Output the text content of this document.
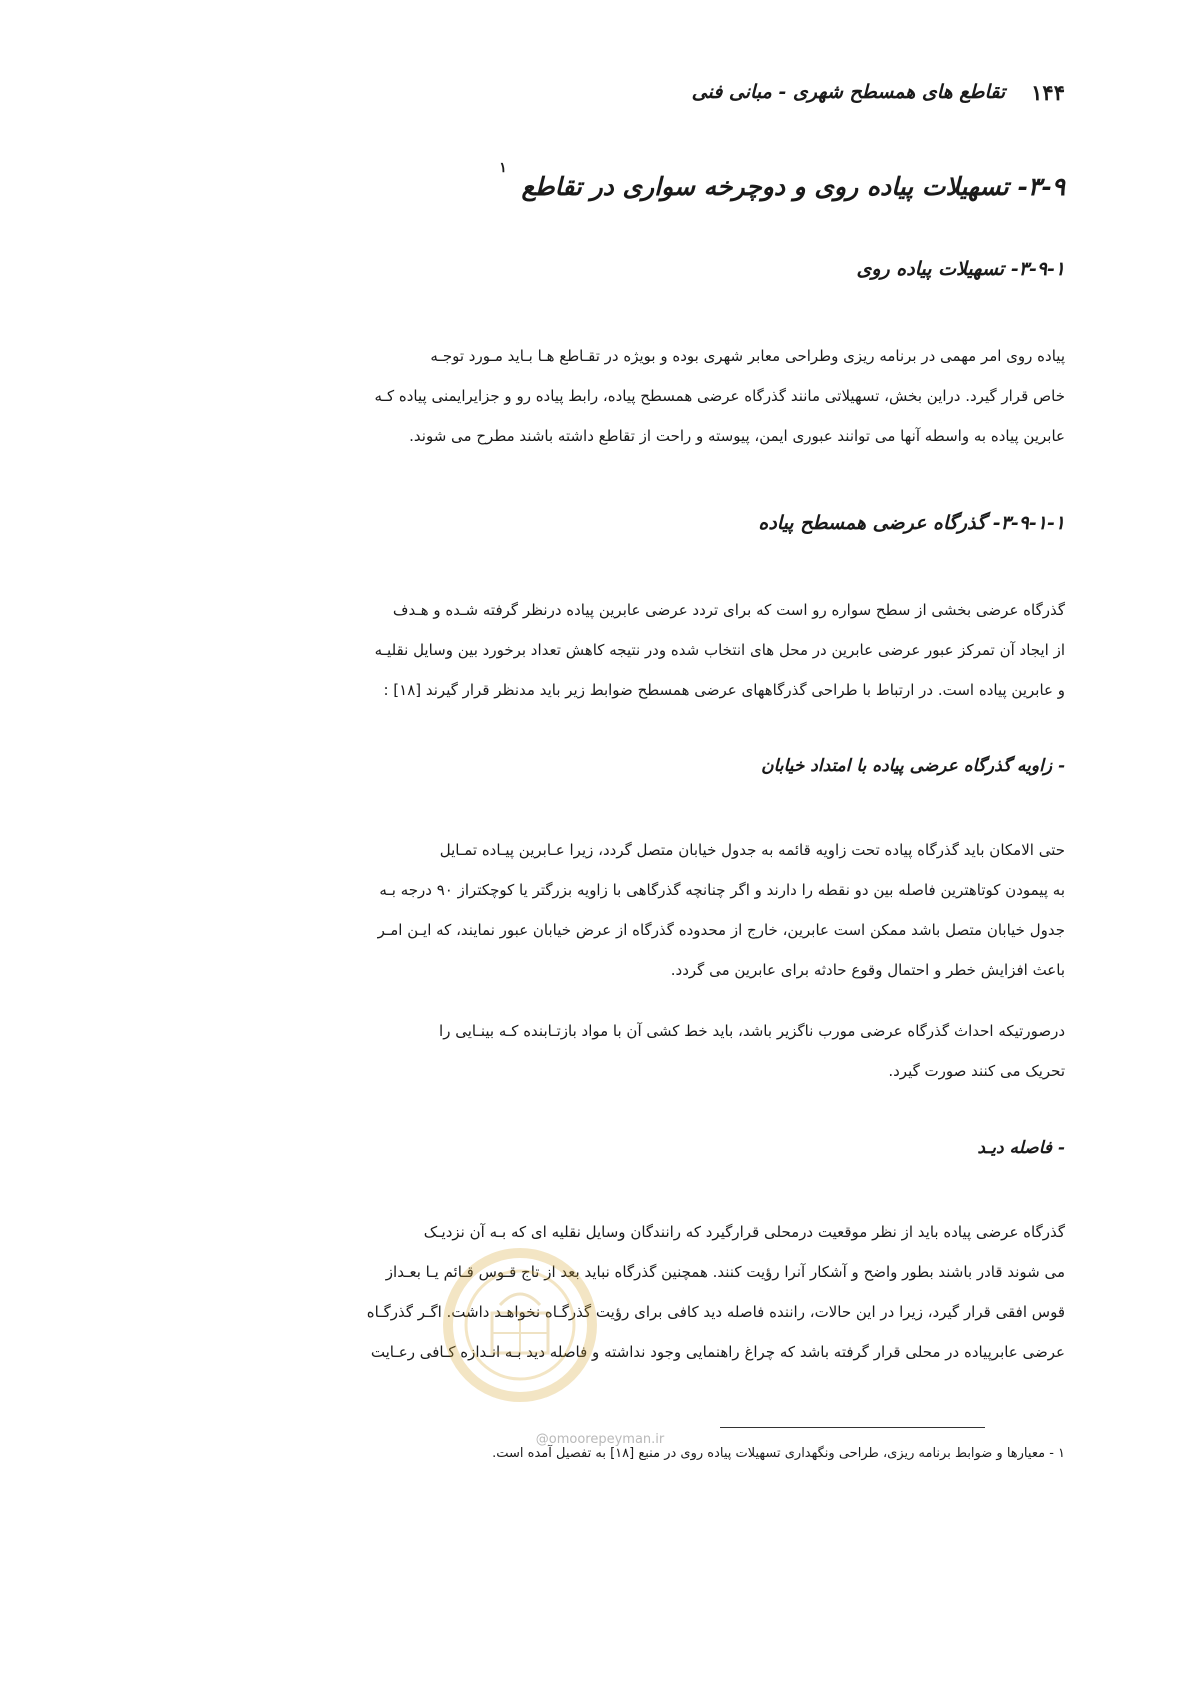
۱۴۴
تقاطع های همسطح شهری - مبانی فنی
۳-۹- تسهیلات پیاده روی و دوچرخه سواری در تقاطع $^۱$
۳-۹-۱- تسهیلات پیاده روی
پیاده روی امر مهمی در برنامه ریزی وطراحی معابر شهری بوده و بویژه در تقـاطع هـا بـاید مـورد توجـه
خاص قرار گیرد. دراین بخش، تسهیلاتی مانند گذرگاه عرضی همسطح پیاده، رابط پیاده رو و جزایرایمنی پیاده کـه
عابرین پیاده به واسطه آنها می توانند عبوری ایمن، پیوسته و راحت از تقاطع داشته باشند مطرح می شوند.
۳-۹-۱-۱- گذرگاه عرضی همسطح پیاده
گذرگاه عرضی بخشی از سطح سواره رو است که برای تردد عرضی عابرین پیاده درنظر گرفته شـده و هـدف
از ایجاد آن تمرکز عبور عرضی عابرین در محل های انتخاب شده ودر نتیجه کاهش تعداد برخورد بین وسایل نقلیـه
و عابرین پیاده است. در ارتباط با طراحی گذرگاههای عرضی همسطح ضوابط زیر باید مدنظر قرار گیرند [۱۸] :
- زاویه گذرگاه عرضی پیاده با امتداد خیابان
حتی الامکان باید گذرگاه پیاده تحت زاویه قائمه به جدول خیابان متصل گردد، زیرا عـابرین پیـاده تمـایل
به پیمودن کوتاهترین فاصله بین دو نقطه را دارند و اگر چنانچه گذرگاهی با زاویه بزرگتر یا کوچکتراز ۹۰ درجه بـه
جدول خیابان متصل باشد ممکن است عابرین، خارج از محدوده گذرگاه از عرض خیابان عبور نمایند، که ایـن امـر
باعث افزایش خطر و احتمال وقوع حادثه برای عابرین می گردد.
درصورتیکه احداث گذرگاه عرضی مورب ناگزیر باشد، باید خط کشی آن با مواد بازتـابنده کـه بینـایی را
تحریک می کنند صورت گیرد.
- فاصله دیـد
گذرگاه عرضی پیاده باید از نظر موقعیت درمحلی قرارگیرد که رانندگان وسایل نقلیه ای که بـه آن نزدیـک
می شوند قادر باشند بطور واضح و آشکار آنرا رؤیت کنند. همچنین گذرگاه نباید بعد از تاج قـوس قـائم یـا بعـداز
قوس افقی قرار گیرد، زیرا در این حالات، راننده فاصله دید کافی برای رؤیت گذرگـاه نخواهـد داشت. اگـر گذرگـاه
عرضی عابرپیاده در محلی قرار گرفته باشد که چراغ راهنمایی وجود نداشته و فاصله دید بـه انـدازه کـافی رعـایت
@omoorepeyman.ir
۱ - معیارها و ضوابط برنامه ریزی، طراحی ونگهداری تسهیلات پیاده روی در منبع [۱۸] به تفصیل آمده است.
